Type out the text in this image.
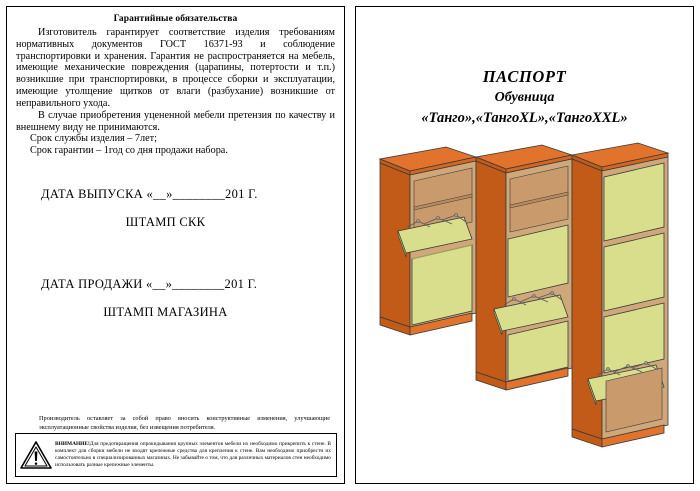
Гарантийные обязательства

Изготовитель гарантирует соответствие изделия требованиям нормативных документов ГОСТ 16371-93 и соблюдение транспортировки и хранения. Гарантия не распространяется на мебель, имеющие механические повреждения (царапины, потертости и т.п.) возникшие при транспортировки, в процессе сборки и эксплуатации, имеющие утолщение щитков от влаги (разбухание) возникшие от неправильного ухода.

В случае приобретения уцененной мебели претензия по качеству и внешнему виду не принимаются.

Срок службы изделия – 7лет;

Срок гарантии – 1год со дня продажи набора.

ДАТА ВЫПУСКА «__»________201 Г.
ШТАМП СКК
ДАТА ПРОДАЖИ «__»________201 Г.
ШТАМП МАГАЗИНА
Производитель оставляет за собой право вносить конструктивные изменения, улучшающие эксплуатационные свойства изделия, без извещения потребителя.
ВНИМАНИЕ!Для предотвращения опрокидывания крупных элементов мебели их необходимо прикрепить к стене. В комплект для сборки мебели не входят крепежные средства для крепления к стене. Вам необходимо приобрести их самостоятельно в специализированных магазинах. Не забывайте о том, что для различных материалов стен необходимо использовать разные крепежные элементы.
ПАСПОРТ
Обувница
«Танго»,«ТангоXL»,«ТангоXXL»
